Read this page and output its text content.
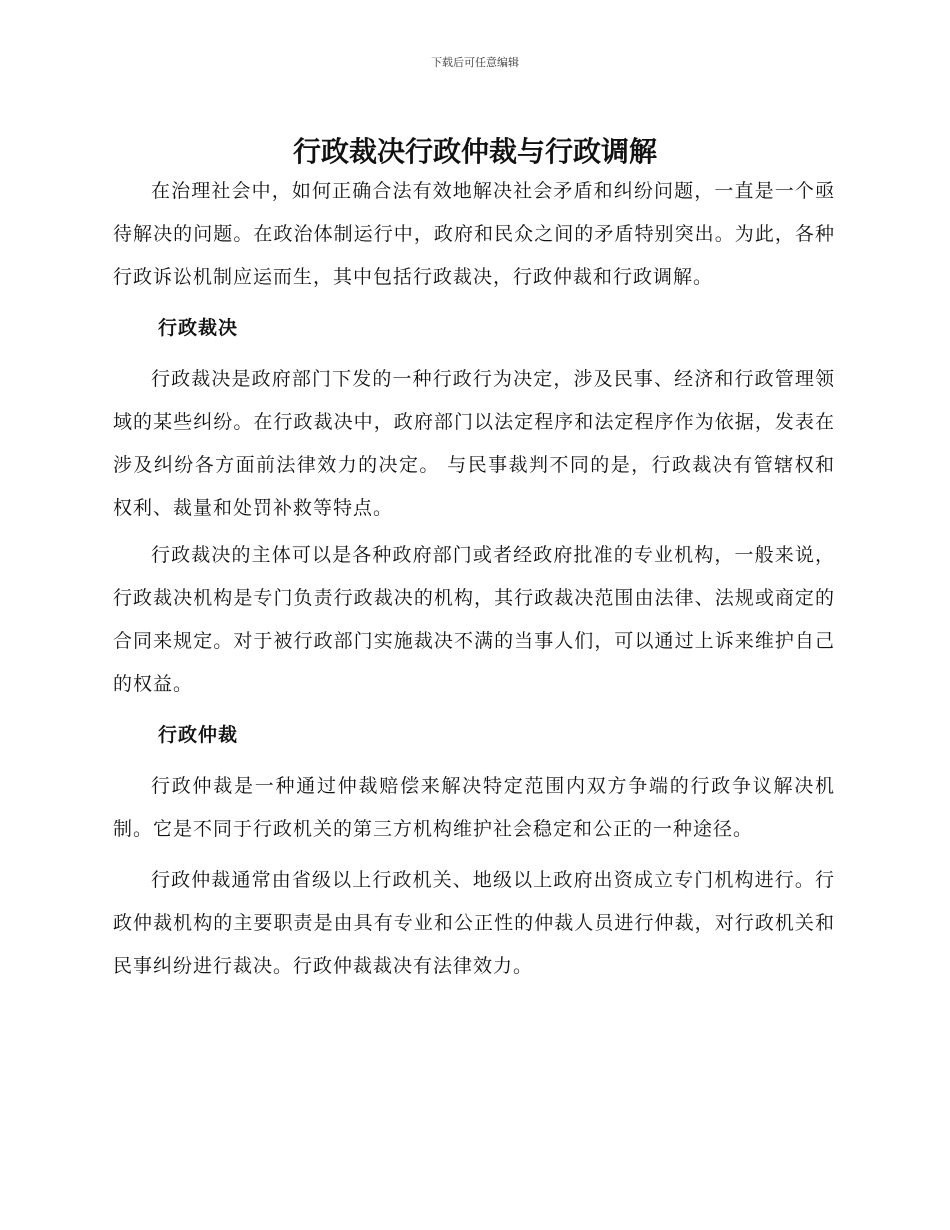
下载后可任意编辑
行政裁决行政仲裁与行政调解

在治理社会中，如何正确合法有效地解决社会矛盾和纠纷问题，一直是一个亟待解决的问题。在政治体制运行中，政府和民众之间的矛盾特别突出。为此，各种行政诉讼机制应运而生，其中包括行政裁决，行政仲裁和行政调解。

行政裁决

行政裁决是政府部门下发的一种行政行为决定，涉及民事、经济和行政管理领域的某些纠纷。在行政裁决中，政府部门以法定程序和法定程序作为依据，发表在涉及纠纷各方面前法律效力的决定。 与民事裁判不同的是，行政裁决有管辖权和权利、裁量和处罚补救等特点。

行政裁决的主体可以是各种政府部门或者经政府批准的专业机构，一般来说，行政裁决机构是专门负责行政裁决的机构，其行政裁决范围由法律、法规或商定的合同来规定。对于被行政部门实施裁决不满的当事人们，可以通过上诉来维护自己的权益。

行政仲裁

行政仲裁是一种通过仲裁赔偿来解决特定范围内双方争端的行政争议解决机制。它是不同于行政机关的第三方机构维护社会稳定和公正的一种途径。

行政仲裁通常由省级以上行政机关、地级以上政府出资成立专门机构进行。行政仲裁机构的主要职责是由具有专业和公正性的仲裁人员进行仲裁，对行政机关和民事纠纷进行裁决。行政仲裁裁决有法律效力。
